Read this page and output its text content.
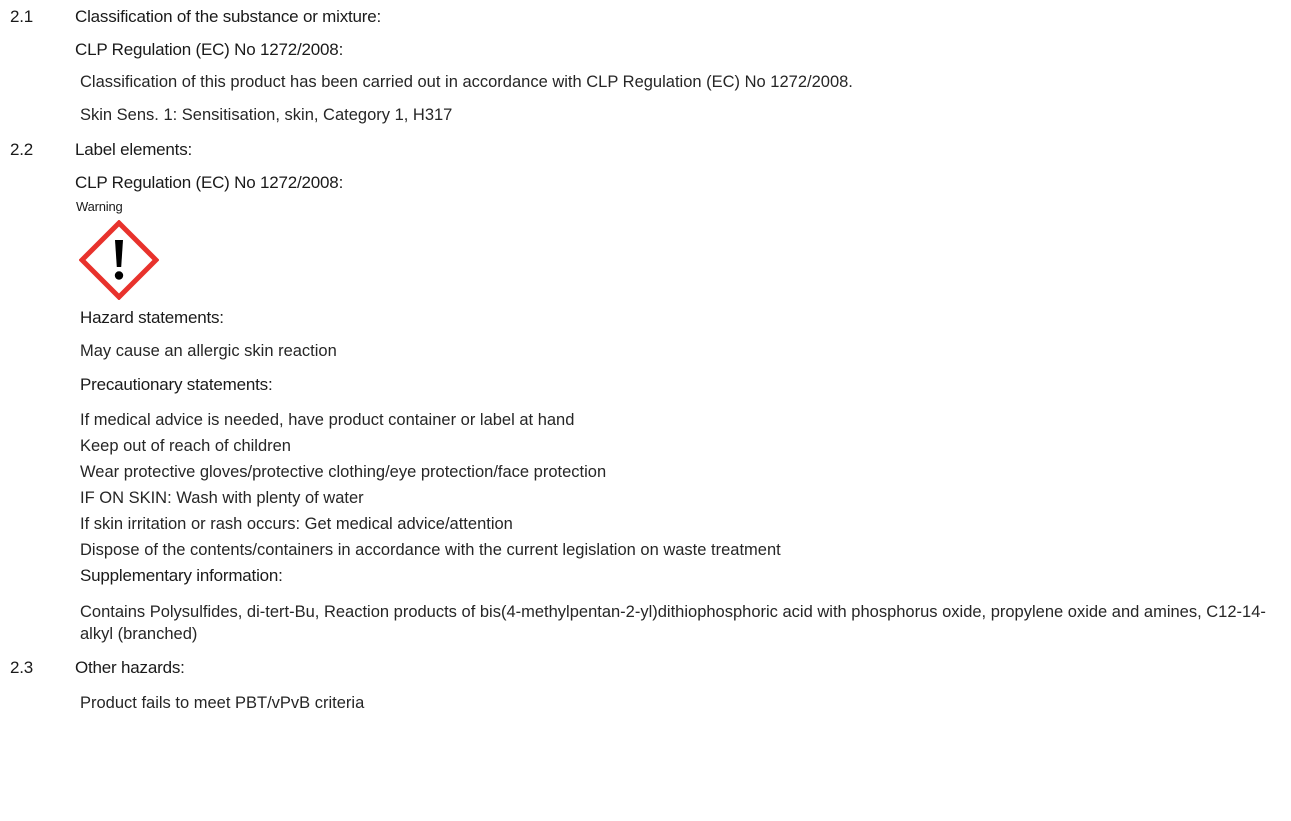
2.1 Classification of the substance or mixture:
CLP Regulation (EC) No 1272/2008:
Classification of this product has been carried out in accordance with CLP Regulation (EC) No 1272/2008.
Skin Sens. 1: Sensitisation, skin, Category 1, H317
2.2 Label elements:
CLP Regulation (EC) No 1272/2008:
Warning
Hazard statements:
May cause an allergic skin reaction
Precautionary statements:
If medical advice is needed, have product container or label at hand
Keep out of reach of children
Wear protective gloves/protective clothing/eye protection/face protection
IF ON SKIN: Wash with plenty of water
If skin irritation or rash occurs: Get medical advice/attention
Dispose of the contents/containers in accordance with the current legislation on waste treatment
Supplementary information:
Contains Polysulfides, di-tert-Bu, Reaction products of bis(4-methylpentan-2-yl)dithiophosphoric acid with phosphorus oxide, propylene oxide and amines, C12-14-alkyl (branched)
2.3 Other hazards:
Product fails to meet PBT/vPvB criteria
